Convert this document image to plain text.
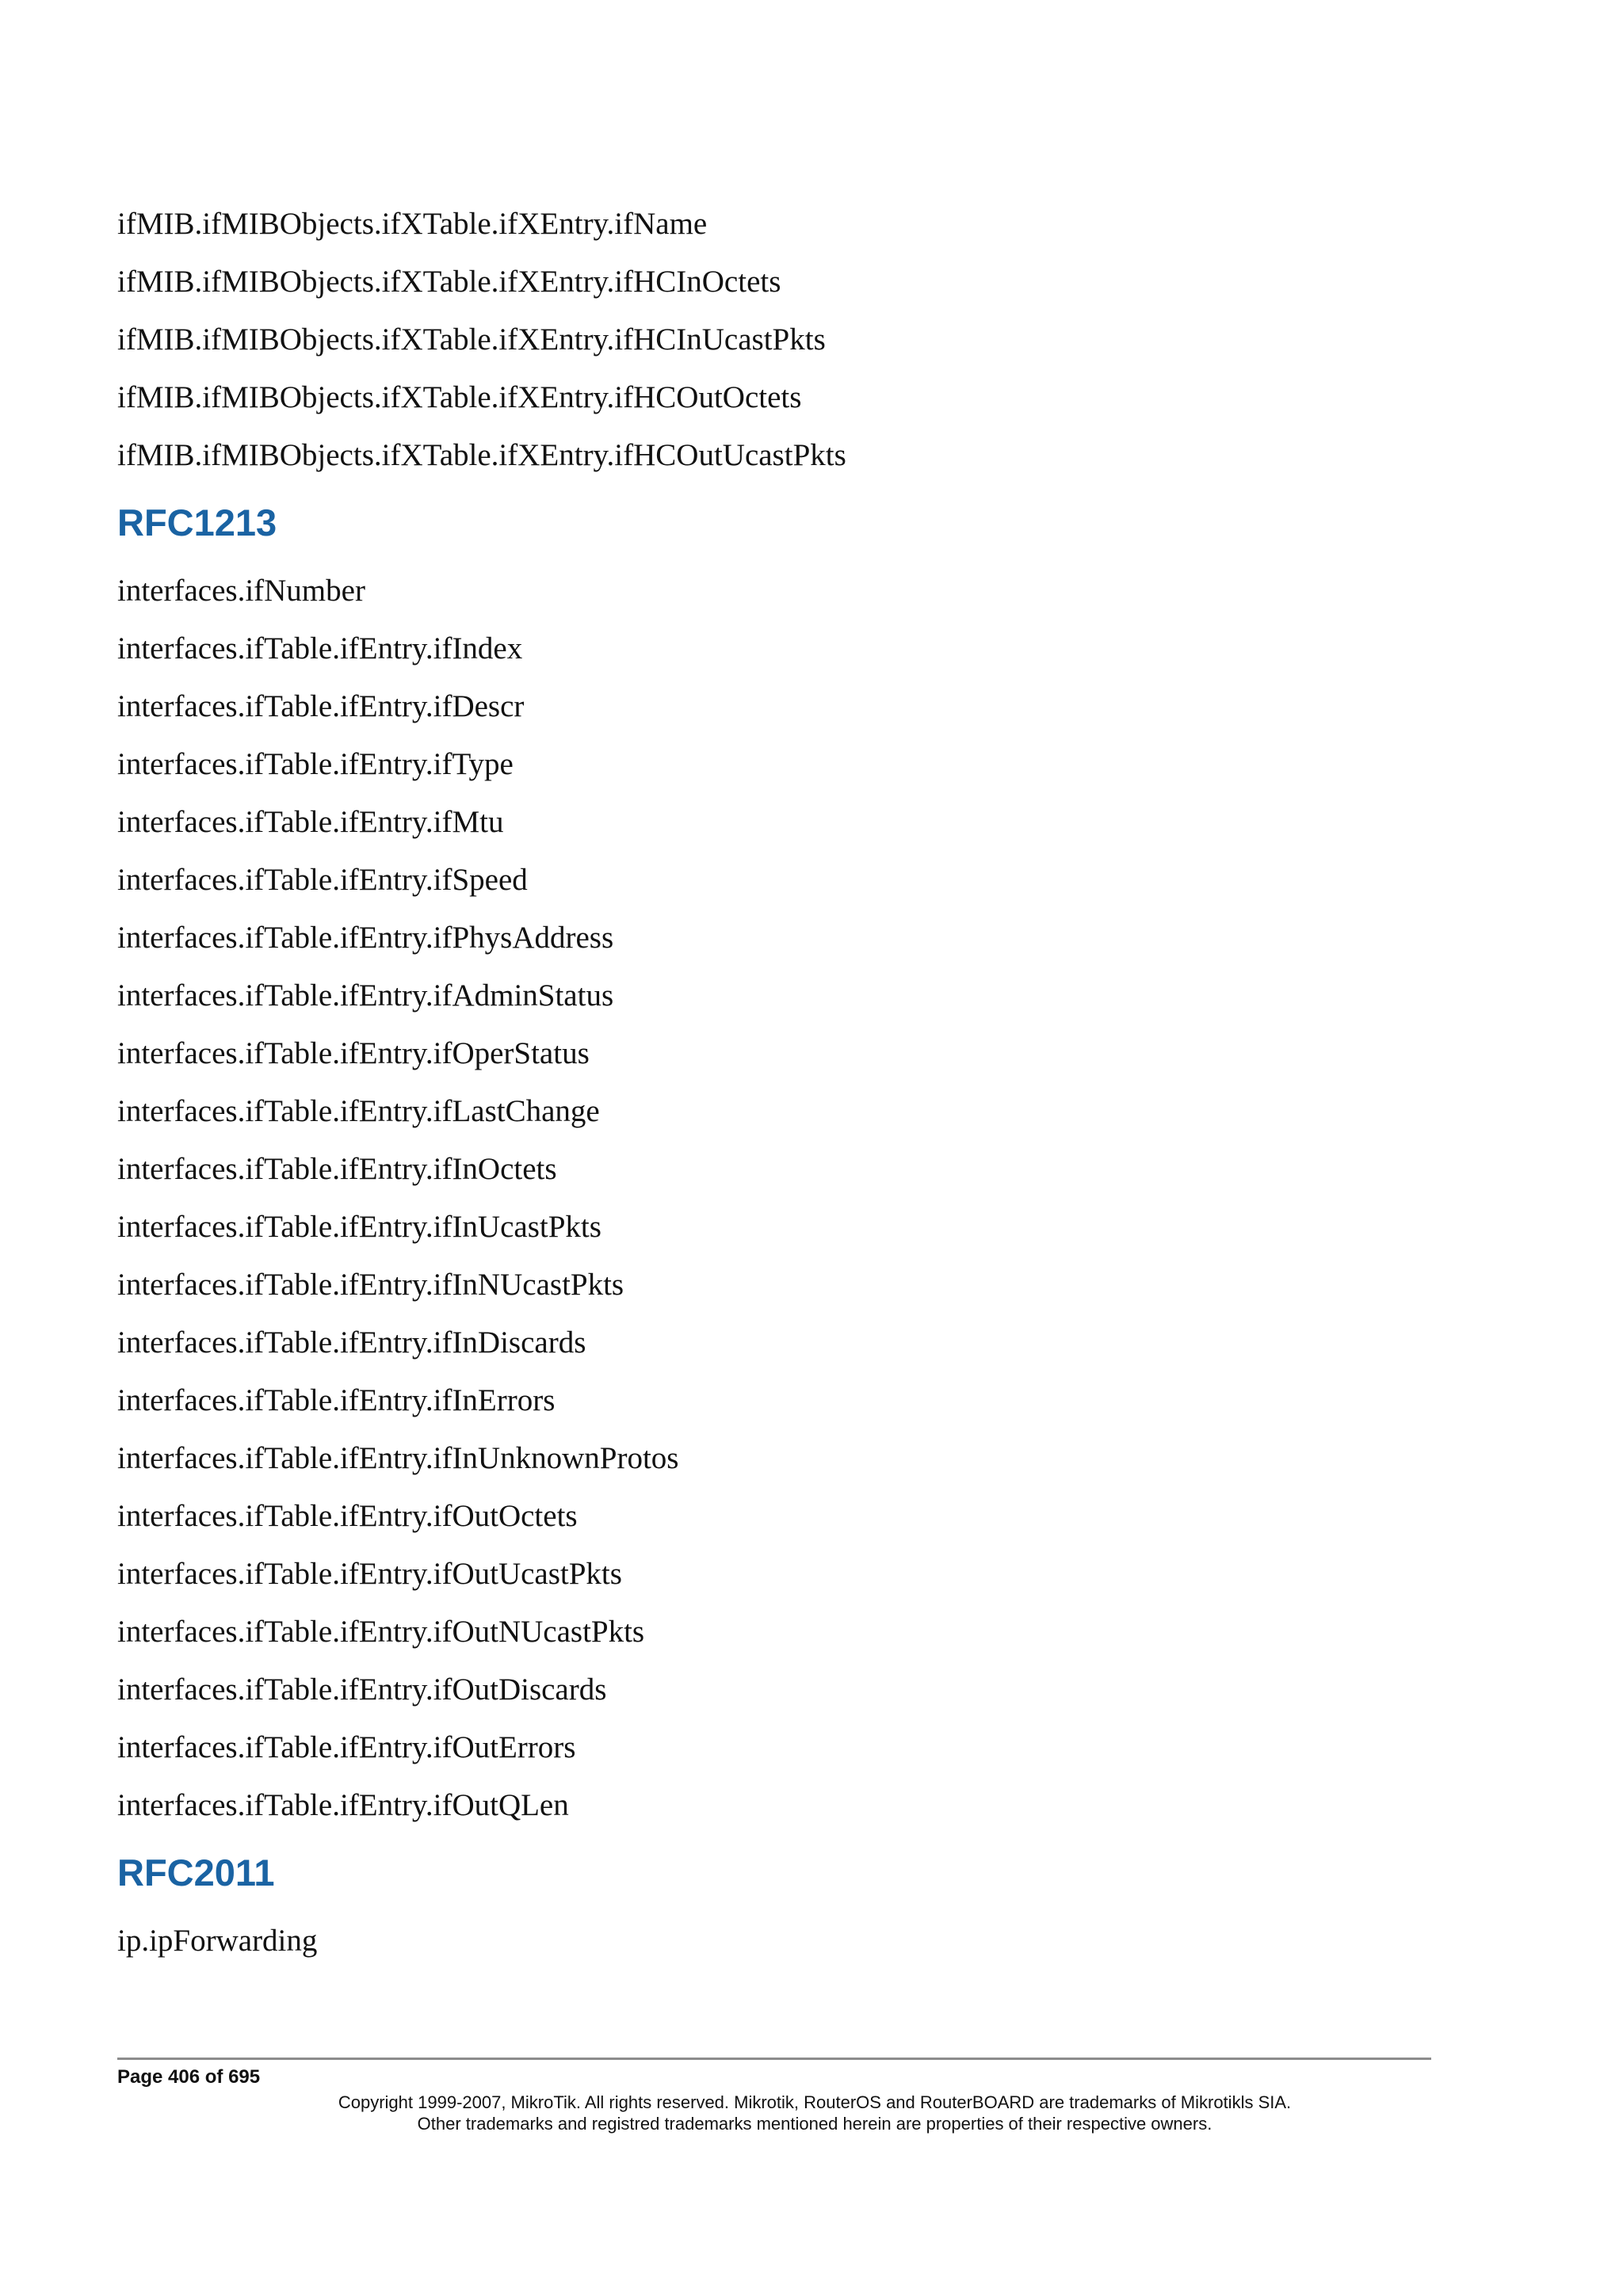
ifMIB.ifMIBObjects.ifXTable.ifXEntry.ifName

ifMIB.ifMIBObjects.ifXTable.ifXEntry.ifHCInOctets

ifMIB.ifMIBObjects.ifXTable.ifXEntry.ifHCInUcastPkts

ifMIB.ifMIBObjects.ifXTable.ifXEntry.ifHCOutOctets

ifMIB.ifMIBObjects.ifXTable.ifXEntry.ifHCOutUcastPkts

RFC1213

interfaces.ifNumber

interfaces.ifTable.ifEntry.ifIndex

interfaces.ifTable.ifEntry.ifDescr

interfaces.ifTable.ifEntry.ifType

interfaces.ifTable.ifEntry.ifMtu

interfaces.ifTable.ifEntry.ifSpeed

interfaces.ifTable.ifEntry.ifPhysAddress

interfaces.ifTable.ifEntry.ifAdminStatus

interfaces.ifTable.ifEntry.ifOperStatus

interfaces.ifTable.ifEntry.ifLastChange

interfaces.ifTable.ifEntry.ifInOctets

interfaces.ifTable.ifEntry.ifInUcastPkts

interfaces.ifTable.ifEntry.ifInNUcastPkts

interfaces.ifTable.ifEntry.ifInDiscards

interfaces.ifTable.ifEntry.ifInErrors

interfaces.ifTable.ifEntry.ifInUnknownProtos

interfaces.ifTable.ifEntry.ifOutOctets

interfaces.ifTable.ifEntry.ifOutUcastPkts

interfaces.ifTable.ifEntry.ifOutNUcastPkts

interfaces.ifTable.ifEntry.ifOutDiscards

interfaces.ifTable.ifEntry.ifOutErrors

interfaces.ifTable.ifEntry.ifOutQLen

RFC2011

ip.ipForwarding

Page 406 of 695
Copyright 1999-2007, MikroTik. All rights reserved. Mikrotik, RouterOS and RouterBOARD are trademarks of Mikrotikls SIA.
Other trademarks and registred trademarks mentioned herein are properties of their respective owners.
